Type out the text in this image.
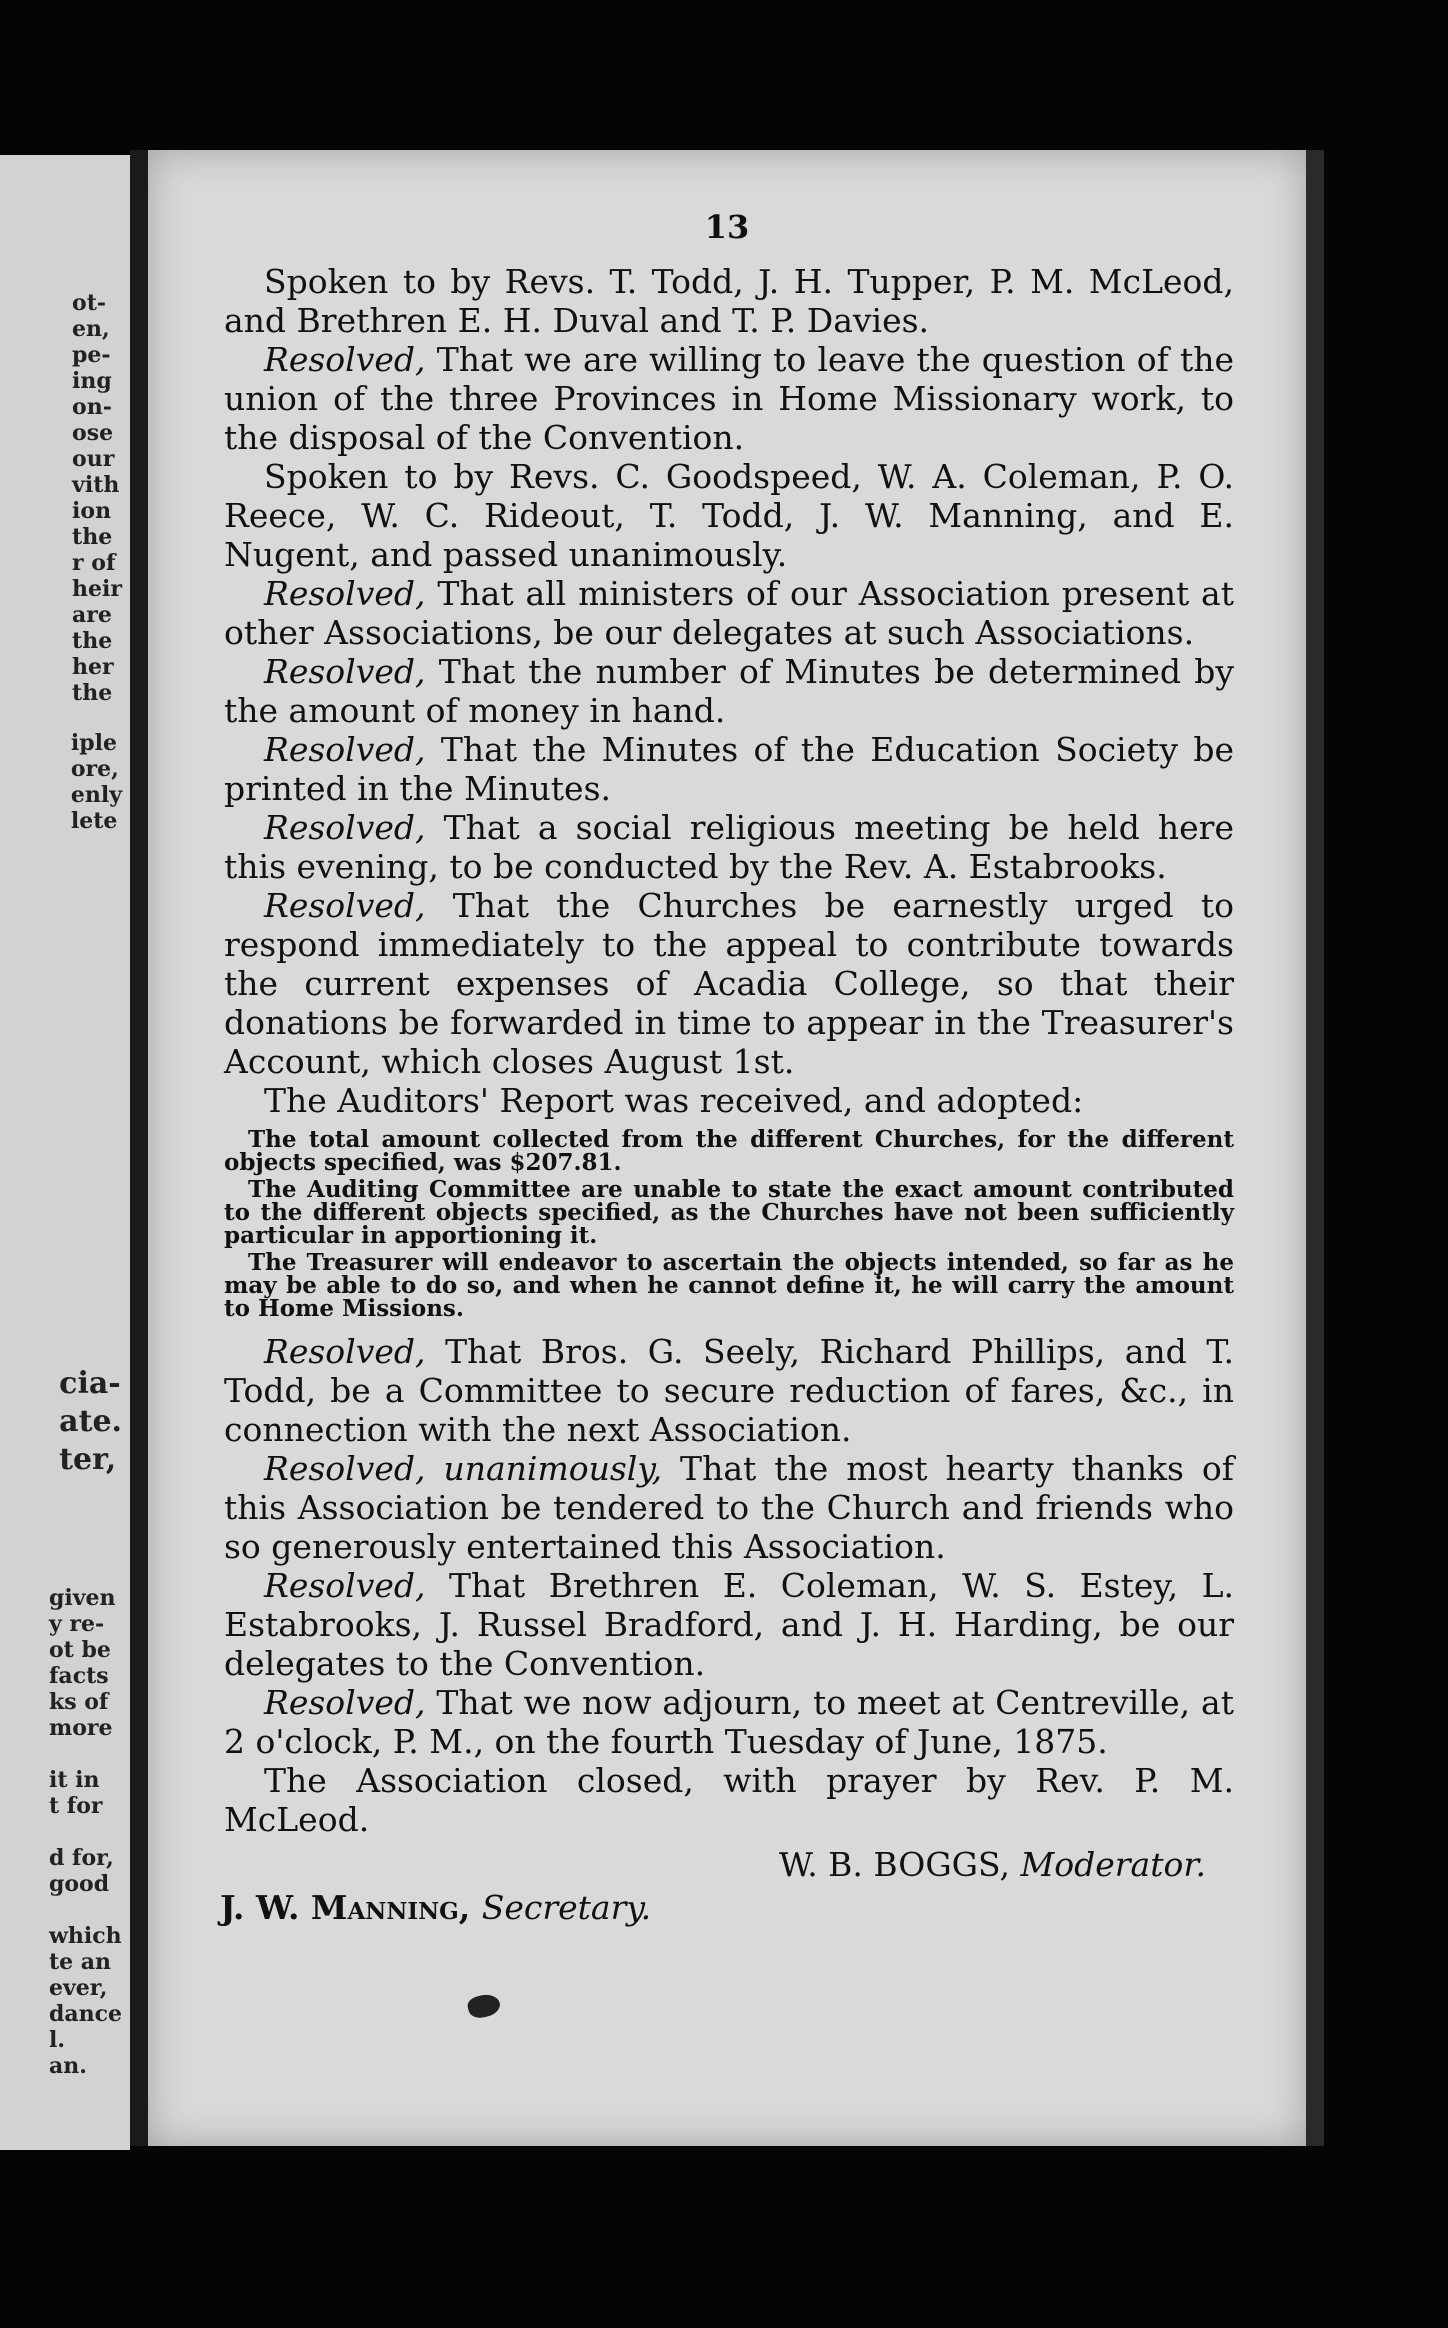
ot-
en,
pe-
ing
on-
ose
our
vith
ion
the
r of
heir
are
the
her
the
iple
ore,
enly
lete
cia-
ate.
ter,
given
y re-
ot be
facts
ks of
more

it in
t for

d for,
good

which
te an
ever,
dance
l.
an.
13

Spoken to by Revs. T. Todd, J. H. Tupper, P. M. McLeod, and Brethren E. H. Duval and T. P. Davies.

Resolved, That we are willing to leave the question of the union of the three Provinces in Home Missionary work, to the disposal of the Convention.

Spoken to by Revs. C. Goodspeed, W. A. Coleman, P. O. Reece, W. C. Rideout, T. Todd, J. W. Manning, and E. Nugent, and passed unanimously.

Resolved, That all ministers of our Association present at other Associations, be our delegates at such Associations.

Resolved, That the number of Minutes be determined by the amount of money in hand.

Resolved, That the Minutes of the Education Society be printed in the Minutes.

Resolved, That a social religious meeting be held here this evening, to be conducted by the Rev. A. Estabrooks.

Resolved, That the Churches be earnestly urged to respond immediately to the appeal to contribute towards the current expenses of Acadia College, so that their donations be forwarded in time to appear in the Treasurer's Account, which closes August 1st.

The Auditors' Report was received, and adopted:

The total amount collected from the different Churches, for the different objects specified, was $207.81.

The Auditing Committee are unable to state the exact amount contributed to the different objects specified, as the Churches have not been sufficiently particular in apportioning it.

The Treasurer will endeavor to ascertain the objects intended, so far as he may be able to do so, and when he cannot define it, he will carry the amount to Home Missions.

Resolved, That Bros. G. Seely, Richard Phillips, and T. Todd, be a Committee to secure reduction of fares, &c., in connection with the next Association.

Resolved, unanimously, That the most hearty thanks of this Association be tendered to the Church and friends who so generously entertained this Association.

Resolved, That Brethren E. Coleman, W. S. Estey, L. Estabrooks, J. Russel Bradford, and J. H. Harding, be our delegates to the Convention.

Resolved, That we now adjourn, to meet at Centreville, at 2 o'clock, P. M., on the fourth Tuesday of June, 1875.

The Association closed, with prayer by Rev. P. M. McLeod.

W. B. BOGGS, Moderator.
J. W. Manning, Secretary.
